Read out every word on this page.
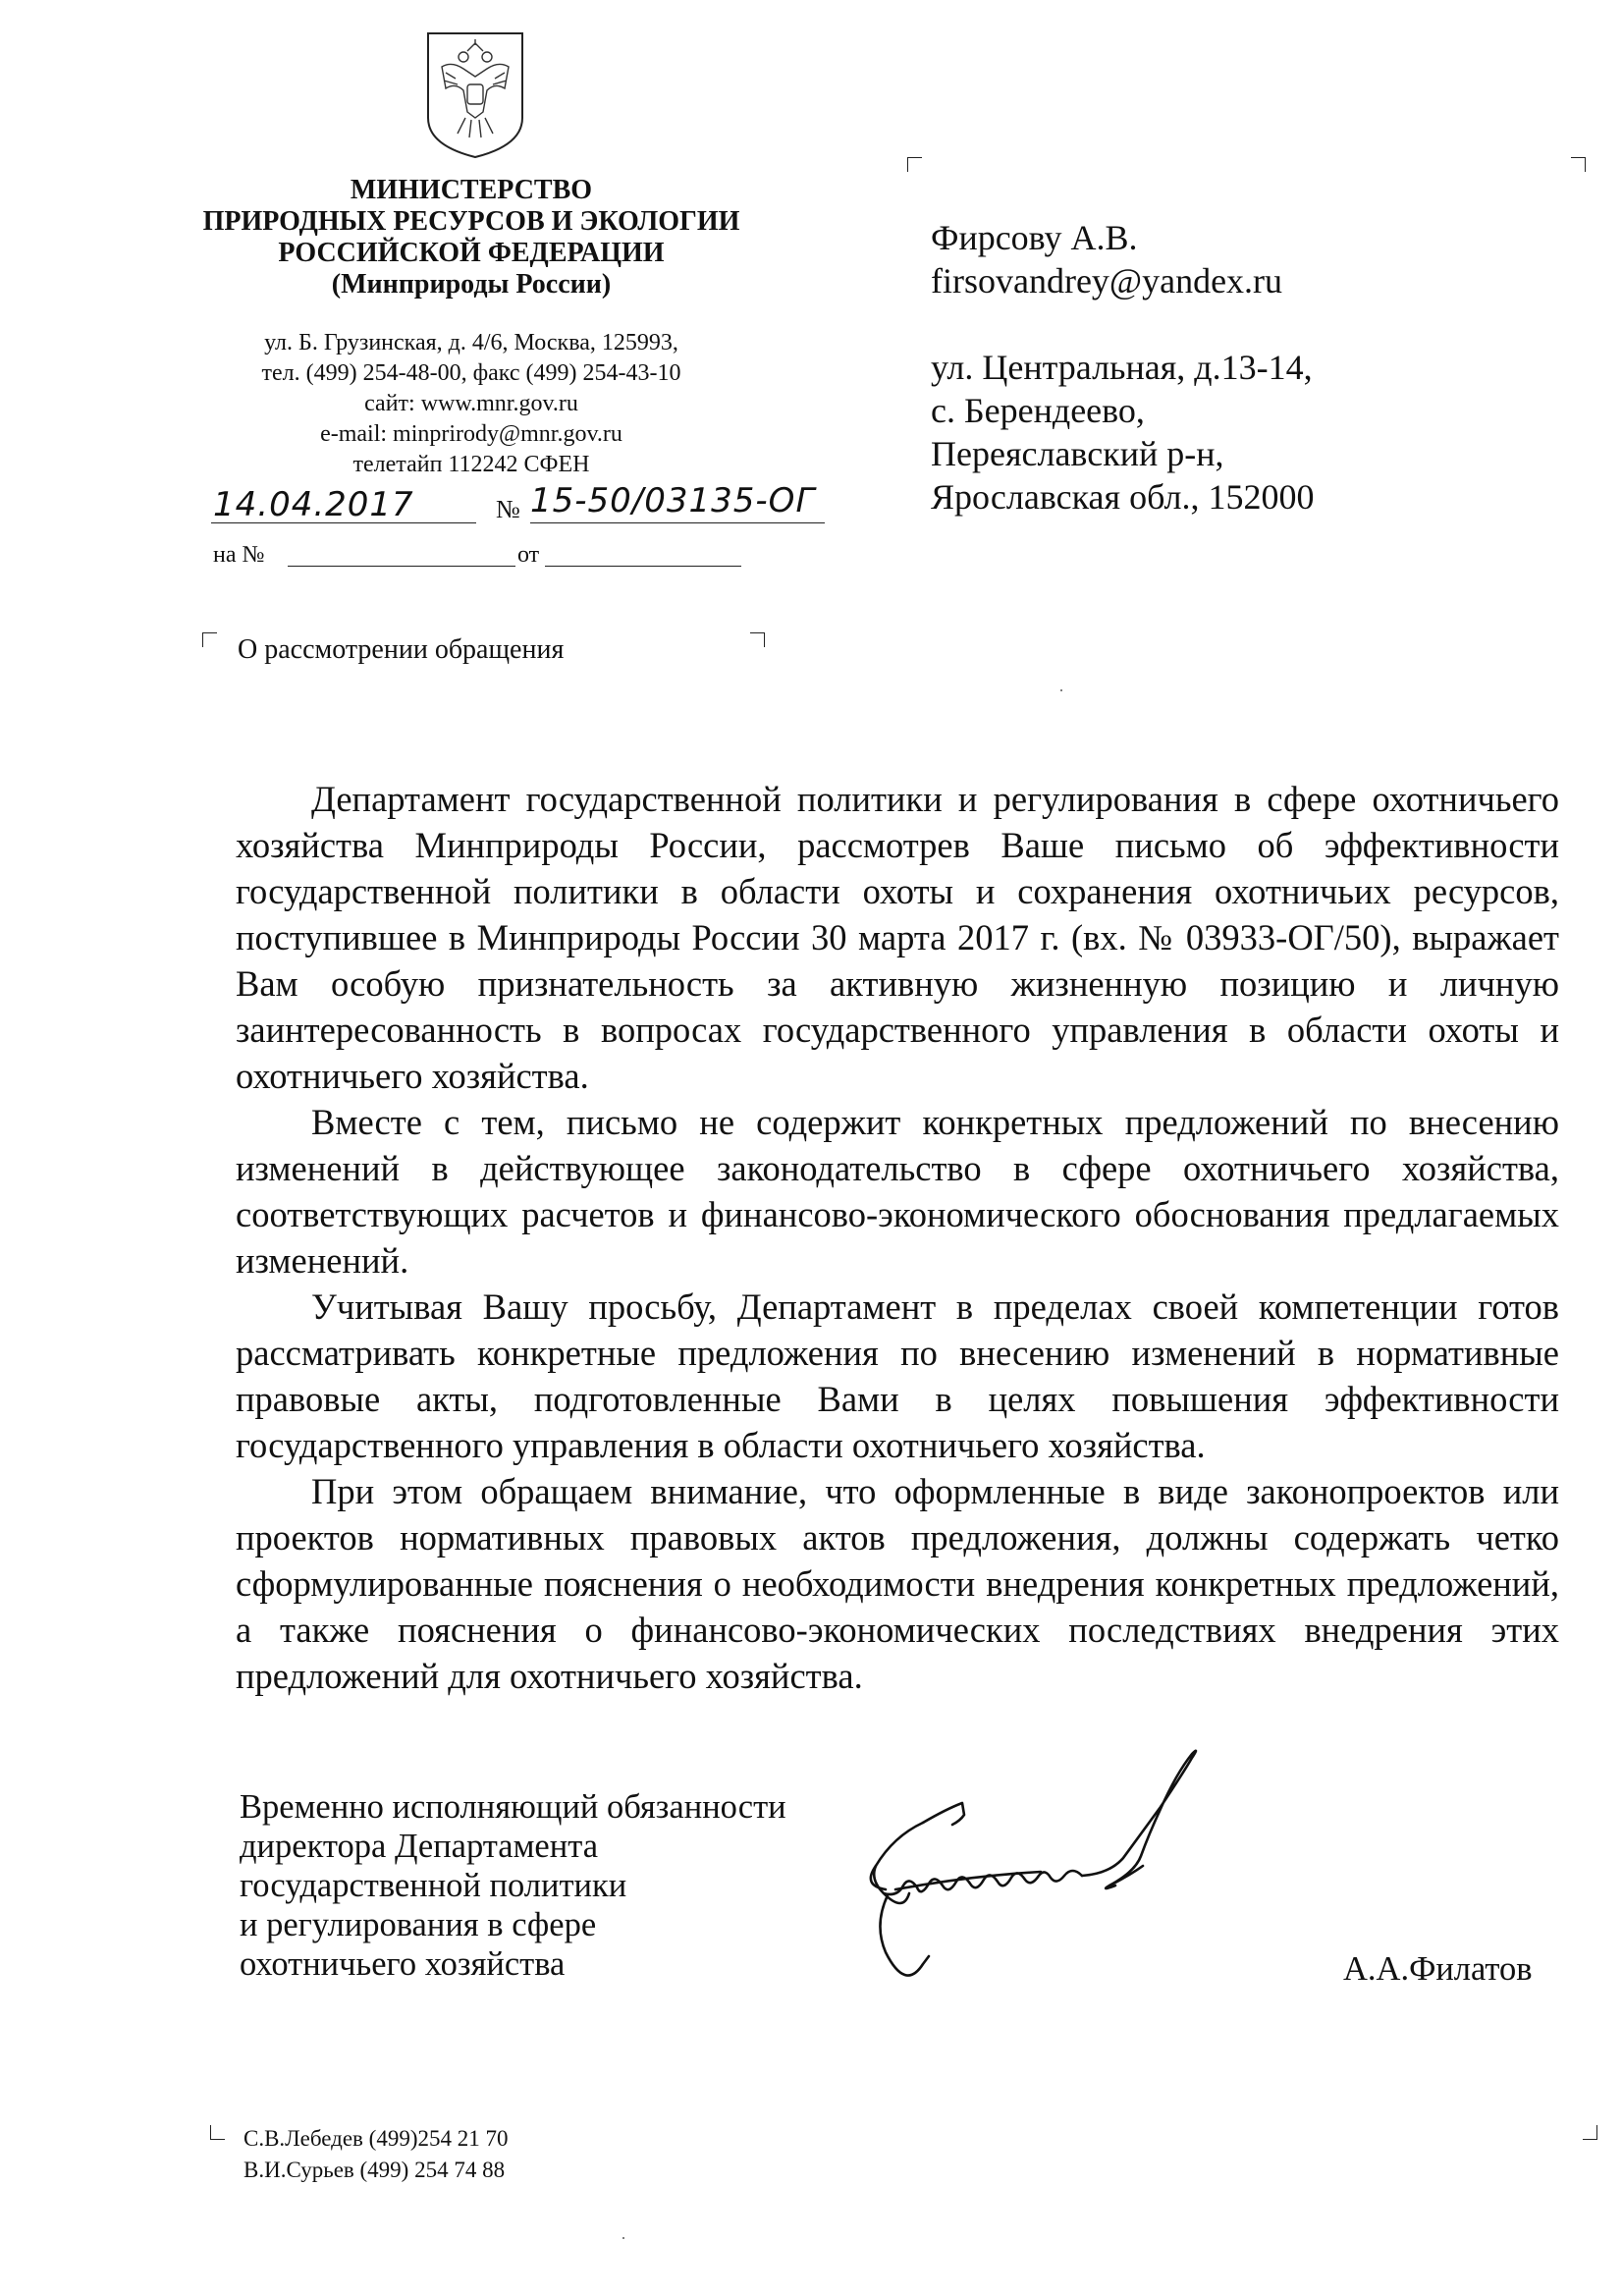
МИНИСТЕРСТВО
ПРИРОДНЫХ РЕСУРСОВ И ЭКОЛОГИИ
РОССИЙСКОЙ ФЕДЕРАЦИИ
(Минприроды России)
ул. Б. Грузинская, д. 4/6, Москва, 125993,
тел. (499) 254-48-00, факс (499) 254-43-10
сайт: www.mnr.gov.ru
e-mail: minprirody@mnr.gov.ru
телетайп 112242 СФЕН
14.04.2017	№ 15-50/03135-ОГ
на №	от
О рассмотрении обращения
Фирсову А.В.
firsovandrey@yandex.ru
ул. Центральная, д.13-14,
с. Берендеево,
Переяславский р-н,
Ярославская обл., 152000

Департамент государственной политики и регулирования в сфере охотничьего хозяйства Минприроды России, рассмотрев Ваше письмо об эффективности государственной политики в области охоты и сохранения охотничьих ресурсов, поступившее в Минприроды России 30 марта 2017 г. (вх. № 03933-ОГ/50), выражает Вам особую признательность за активную жизненную позицию и личную заинтересованность в вопросах государственного управления в области охоты и охотничьего хозяйства.

Вместе с тем, письмо не содержит конкретных предложений по внесению изменений в действующее законодательство в сфере охотничьего хозяйства, соответствующих расчетов и финансово-экономического обоснования предлагаемых изменений.

Учитывая Вашу просьбу, Департамент в пределах своей компетенции готов рассматривать конкретные предложения по внесению изменений в нормативные правовые акты, подготовленные Вами в целях повышения эффективности государственного управления в области охотничьего хозяйства.

При этом обращаем внимание, что оформленные в виде законопроектов или проектов нормативных правовых актов предложения, должны содержать четко сформулированные пояснения о необходимости внедрения конкретных предложений, а также пояснения о финансово-экономических последствиях внедрения этих предложений для охотничьего хозяйства.

Временно исполняющий обязанности
директора Департамента
государственной политики
и регулирования в сфере
охотничьего хозяйства	А.А.Филатов
С.В.Лебедев (499)254 21 70
В.И.Сурьев (499) 254 74 88
